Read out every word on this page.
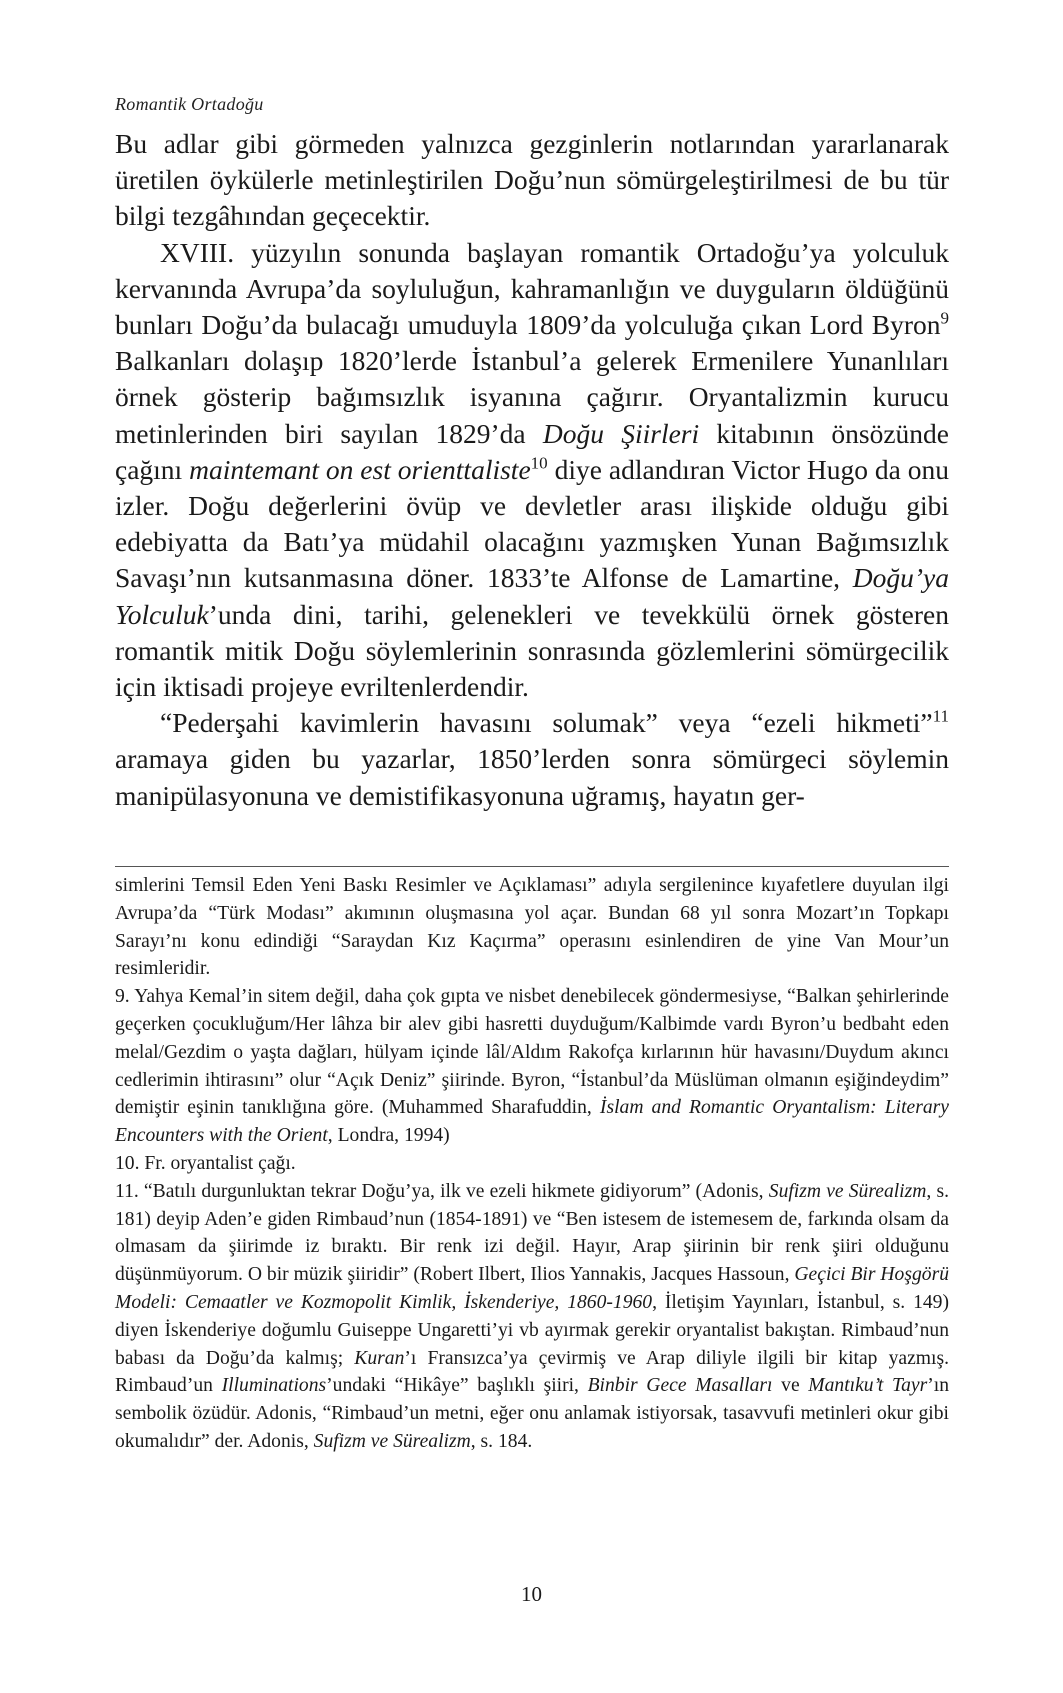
Romantik Ortadoğu

Bu adlar gibi görmeden yalnızca gezginlerin notlarından yararlanarak üretilen öykülerle metinleştirilen Doğu’nun sömürgeleştirilmesi de bu tür bilgi tezgâhından geçecektir.

XVIII. yüzyılın sonunda başlayan romantik Ortadoğu’ya yolculuk kervanında Avrupa’da soyluluğun, kahramanlığın ve duyguların öldüğünü bunları Doğu’da bulacağı umuduyla 1809’da yolculuğa çıkan Lord Byron$^9$ Balkanları dolaşıp 1820’lerde İstanbul’a gelerek Ermenilere Yunanlıları örnek gösterip bağımsızlık isyanına çağırır. Oryantalizmin kurucu metinlerinden biri sayılan 1829’da Doğu Şiirleri kitabının önsözünde çağını maintemant on est orienttaliste$^{10}$ diye adlandıran Victor Hugo da onu izler. Doğu değerlerini övüp ve devletler arası ilişkide olduğu gibi edebiyatta da Batı’ya müdahil olacağını yazmışken Yunan Bağımsızlık Savaşı’nın kutsanmasına döner. 1833’te Alfonse de Lamartine, Doğu’ya Yolculuk’unda dini, tarihi, gelenekleri ve tevekkülü örnek gösteren romantik mitik Doğu söylemlerinin sonrasında gözlemlerini sömürgecilik için iktisadi projeye evriltenlerdendir.

“Pederşahi kavimlerin havasını solumak” veya “ezeli hikmeti”$^{11}$ aramaya giden bu yazarlar, 1850’lerden sonra sömürgeci söylemin manipülasyonuna ve demistifikasyonuna uğramış, hayatın ger-

simlerini Temsil Eden Yeni Baskı Resimler ve Açıklaması” adıyla sergilenince kıyafetlere duyulan ilgi Avrupa’da “Türk Modası” akımının oluşmasına yol açar. Bundan 68 yıl sonra Mozart’ın Topkapı Sarayı’nı konu edindiği “Saraydan Kız Kaçırma” operasını esinlendiren de yine Van Mour’un resimleridir.

9. Yahya Kemal’in sitem değil, daha çok gıpta ve nisbet denebilecek göndermesiyse, “Balkan şehirlerinde geçerken çocukluğum/Her lâhza bir alev gibi hasretti duyduğum/Kalbimde vardı Byron’u bedbaht eden melal/Gezdim o yaşta dağları, hülyam içinde lâl/Aldım Rakofça kırlarının hür havasını/Duydum akıncı cedlerimin ihtirasını” olur “Açık Deniz” şiirinde. Byron, “İstanbul’da Müslüman olmanın eşiğindeydim” demiştir eşinin tanıklığına göre. (Muhammed Sharafuddin, İslam and Romantic Oryantalism: Literary Encounters with the Orient, Londra, 1994)

10. Fr. oryantalist çağı.

11. “Batılı durgunluktan tekrar Doğu’ya, ilk ve ezeli hikmete gidiyorum” (Adonis, Sufizm ve Sürealizm, s. 181) deyip Aden’e giden Rimbaud’nun (1854-1891) ve “Ben istesem de istemesem de, farkında olsam da olmasam da şiirimde iz bıraktı. Bir renk izi değil. Hayır, Arap şiirinin bir renk şiiri olduğunu düşünmüyorum. O bir müzik şiiridir” (Robert Ilbert, Ilios Yannakis, Jacques Hassoun, Geçici Bir Hoşgörü Modeli: Cemaatler ve Kozmopolit Kimlik, İskenderiye, 1860-1960, İletişim Yayınları, İstanbul, s. 149) diyen İskenderiye doğumlu Guiseppe Ungaretti’yi vb ayırmak gerekir oryantalist bakıştan. Rimbaud’nun babası da Doğu’da kalmış; Kuran’ı Fransızca’ya çevirmiş ve Arap diliyle ilgili bir kitap yazmış. Rimbaud’un Illuminations’undaki “Hikâye” başlıklı şiiri, Binbir Gece Masalları ve Mantıku’t Tayr’ın sembolik özüdür. Adonis, “Rimbaud’un metni, eğer onu anlamak istiyorsak, tasavvufi metinleri okur gibi okumalıdır” der. Adonis, Sufizm ve Sürealizm, s. 184.

10
